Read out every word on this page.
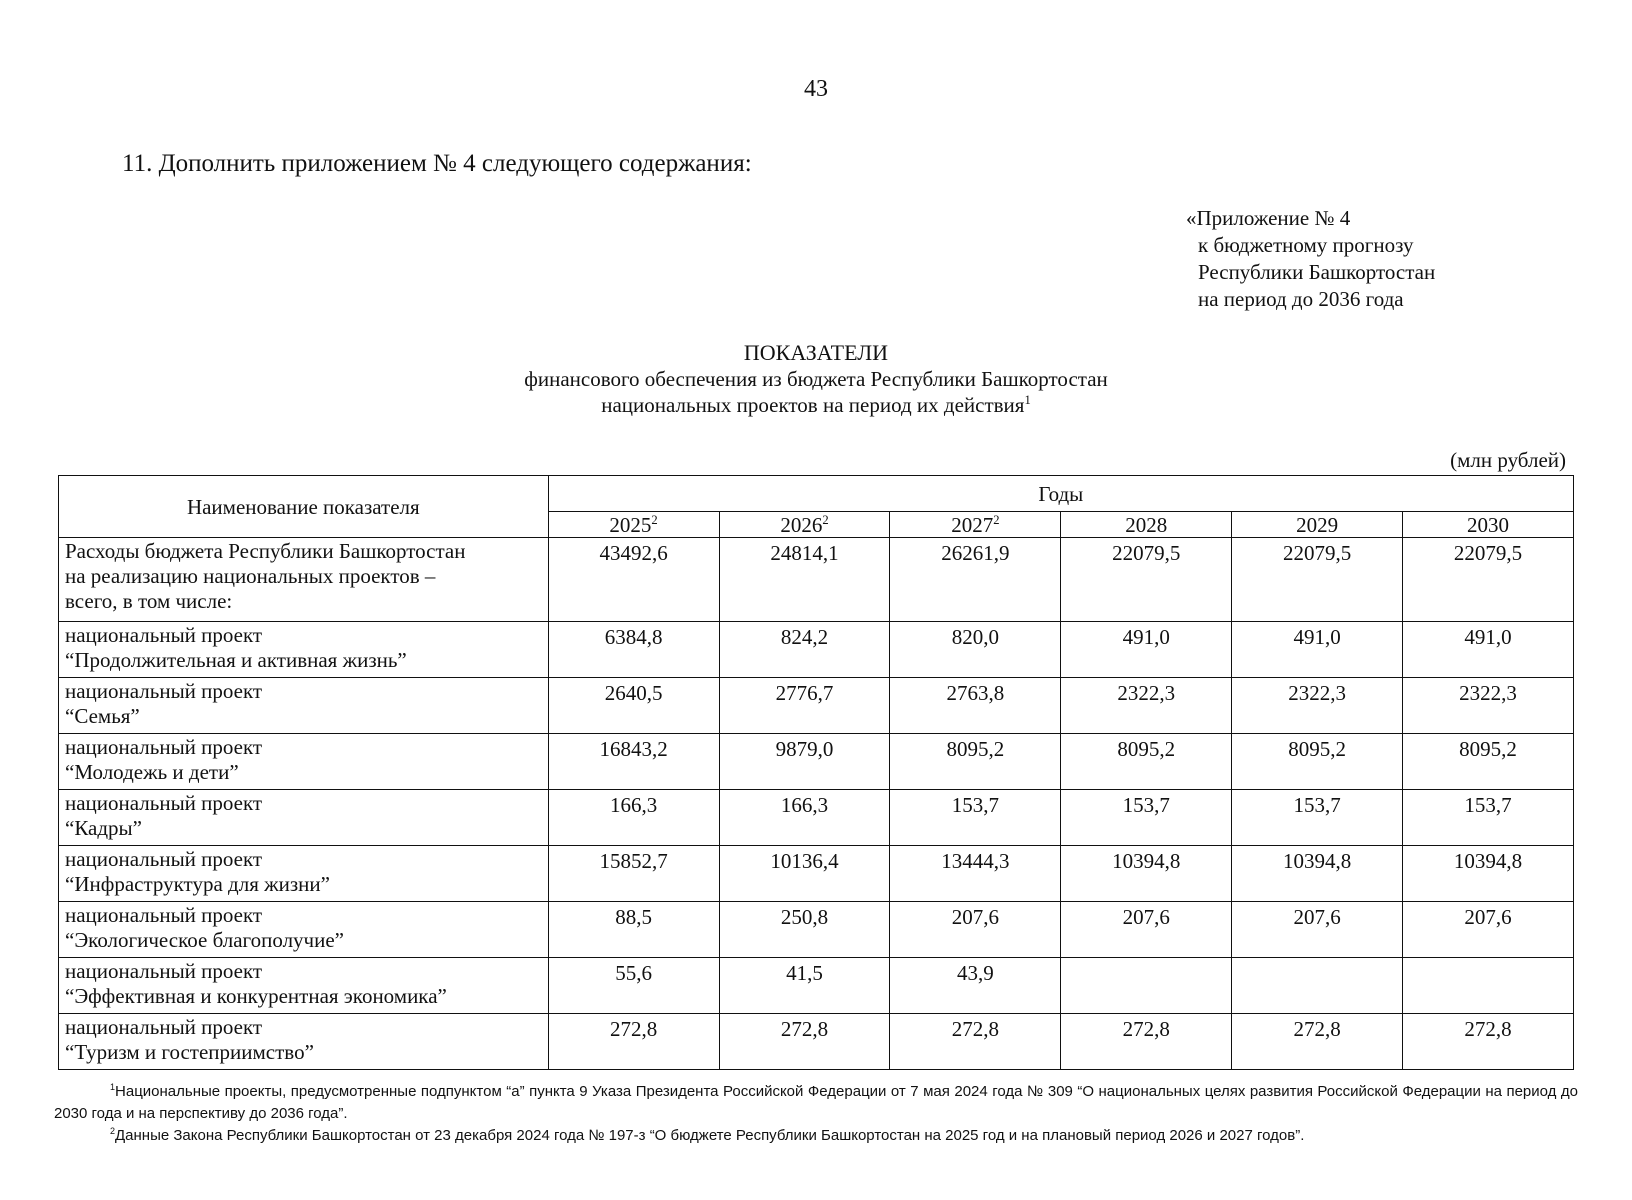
43
11. Дополнить приложением № 4 следующего содержания:
«Приложение № 4
к бюджетному прогнозу
Республики Башкортостан
на период до 2036 года
ПОКАЗАТЕЛИ
финансового обеспечения из бюджета Республики Башкортостан
национальных проектов на период их действия$^1$
(млн рублей)
Наименование показателя	Годы					
	2025$^2$	2026$^2$	2027$^2$	2028	2029	2030
Расходы бюджета Республики Башкортостан
на реализацию национальных проектов –
всего, в том числе:	43492,6	24814,1	26261,9	22079,5	22079,5	22079,5
национальный проект
“Продолжительная и активная жизнь”	6384,8	824,2	820,0	491,0	491,0	491,0
национальный проект
“Семья”	2640,5	2776,7	2763,8	2322,3	2322,3	2322,3
национальный проект
“Молодежь и дети”	16843,2	9879,0	8095,2	8095,2	8095,2	8095,2
национальный проект
“Кадры”	166,3	166,3	153,7	153,7	153,7	153,7
национальный проект
“Инфраструктура для жизни”	15852,7	10136,4	13444,3	10394,8	10394,8	10394,8
национальный проект
“Экологическое благополучие”	88,5	250,8	207,6	207,6	207,6	207,6
национальный проект
“Эффективная и конкурентная экономика”	55,6	41,5	43,9			
национальный проект
“Туризм и гостеприимство”	272,8	272,8	272,8	272,8	272,8	272,8

$^1$Национальные проекты, предусмотренные подпунктом “а” пункта 9 Указа Президента Российской Федерации от 7 мая 2024 года № 309 “О национальных целях развития Российской Федерации на период до 2030 года и на перспективу до 2036 года”.

$^2$Данные Закона Республики Башкортостан от 23 декабря 2024 года № 197-з “О бюджете Республики Башкортостан на 2025 год и на плановый период 2026 и 2027 годов”.
